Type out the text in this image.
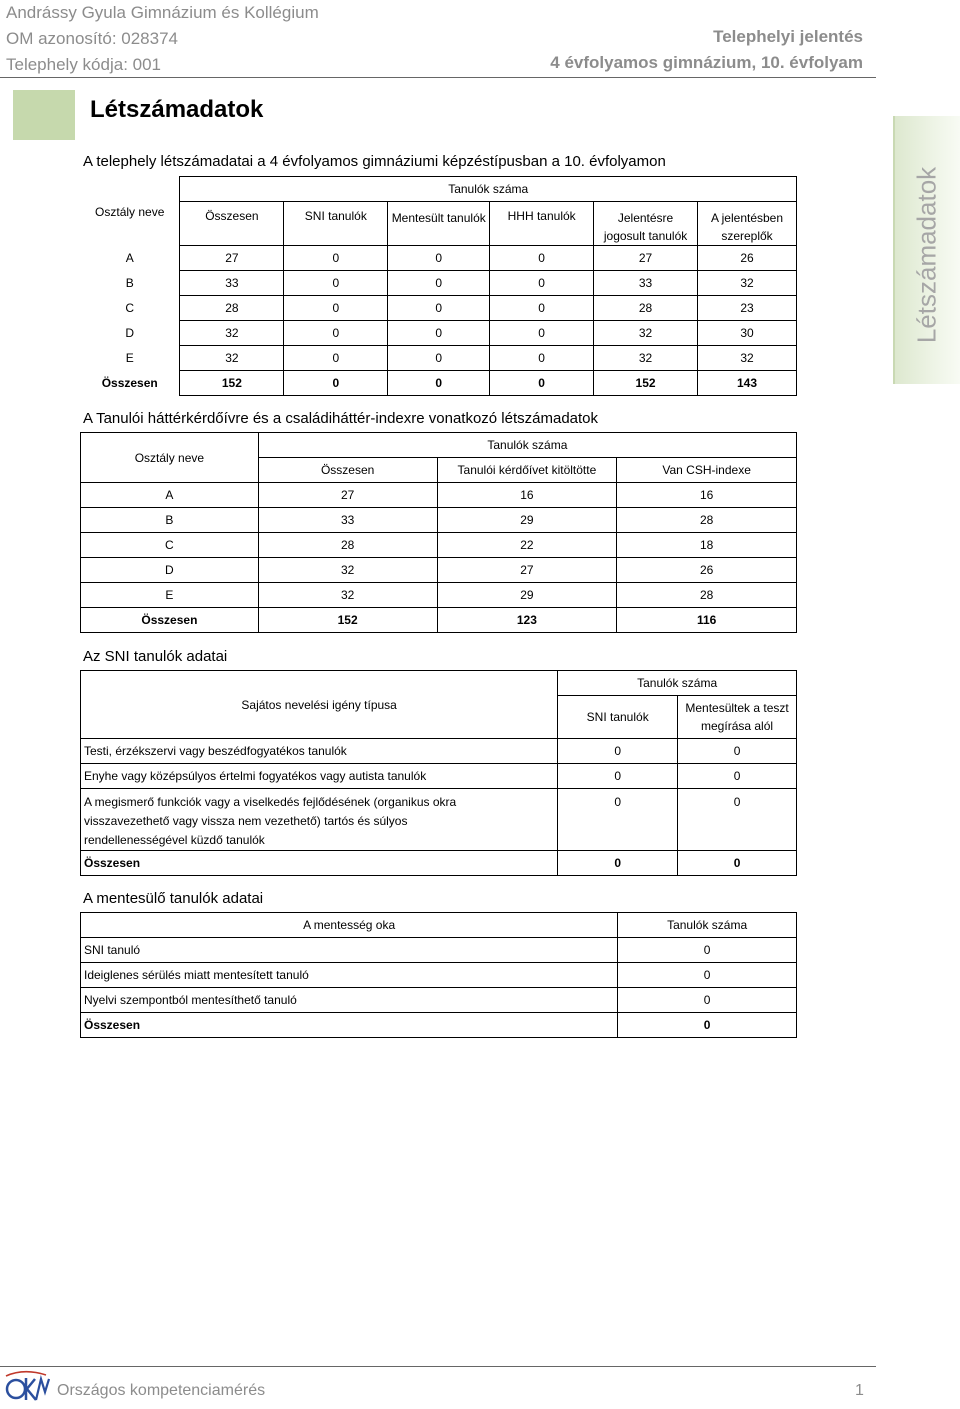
Andrássy Gyula Gimnázium és Kollégium
OM azonosító: 028374
Telephely kódja: 001
Telephelyi jelentés
4 évfolyamos gimnázium, 10. évfolyam
Létszámadatok
Létszámadatok
A telephely létszámadatai a 4 évfolyamos gimnáziumi képzéstípusban a 10. évfolyamon
Osztály neve	Tanulók száma					
	Összesen	SNI tanulók	Mentesült tanulók	HHH tanulók	Jelentésre jogosult tanulók	A jelentésben szereplők
A	27	0	0	0	27	26
B	33	0	0	0	33	32
C	28	0	0	0	28	23
D	32	0	0	0	32	30
E	32	0	0	0	32	32
Összesen	152	0	0	0	152	143
A Tanulói háttérkérdőívre és a családiháttér-indexre vonatkozó létszámadatok
Osztály neve	Tanulók száma		
	Összesen	Tanulói kérdőívet kitöltötte	Van CSH-indexe
A	27	16	16
B	33	29	28
C	28	22	18
D	32	27	26
E	32	29	28
Összesen	152	123	116
Az SNI tanulók adatai
Sajátos nevelési igény típusa	Tanulók száma	
	SNI tanulók	Mentesültek a teszt megírása alól
Testi, érzékszervi vagy beszédfogyatékos tanulók	0	0
Enyhe vagy középsúlyos értelmi fogyatékos vagy autista tanulók	0	0
A megismerő funkciók vagy a viselkedés fejlődésének (organikus okra visszavezethető vagy vissza nem vezethető) tartós és súlyos rendellenességével küzdő tanulók	0	0
Összesen	0	0
A mentesülő tanulók adatai
A mentesség oka	Tanulók száma
SNI tanuló	0
Ideiglenes sérülés miatt mentesített tanuló	0
Nyelvi szempontból mentesíthető tanuló	0
Összesen	0
Országos kompetenciamérés	1
